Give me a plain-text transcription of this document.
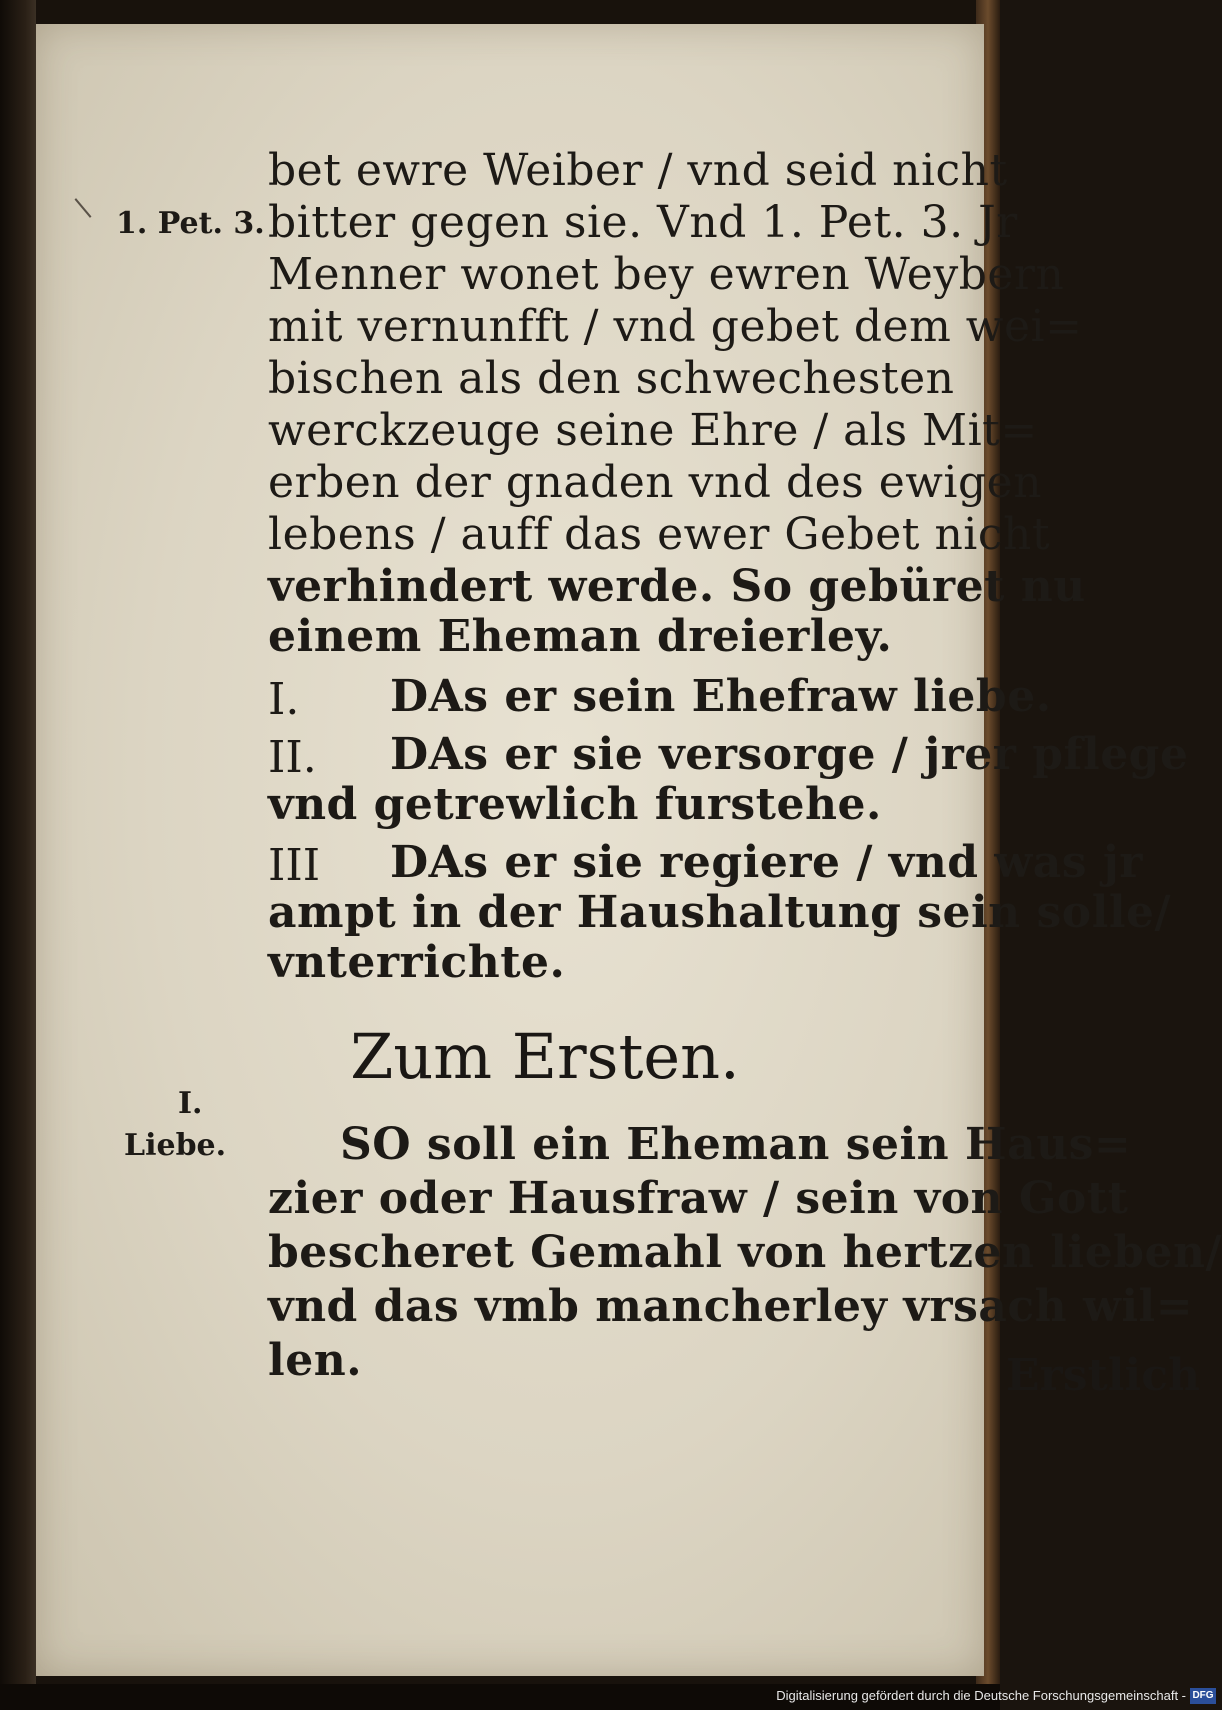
1. Pet. 3.
I.
Liebe.
bet ewre Weiber / vnd seid nicht
bitter gegen sie. Vnd 1. Pet. 3. Jr
Menner wonet bey ewren Weybern
mit vernunfft / vnd gebet dem wei=
bischen als den schwechesten
werckzeuge seine Ehre / als Mit=
erben der gnaden vnd des ewigen
lebens / auff das ewer Gebet nicht
verhindert werde. So gebüret nu
einem Eheman dreierley.
I. DAs er sein Ehefraw liebe.
II. DAs er sie versorge / jrer pflege
vnd getrewlich furstehe.
III DAs er sie regiere / vnd was jr
ampt in der Haushaltung sein solle/
vnterrichte.
Zum Ersten.
SO soll ein Eheman sein Haus=
zier oder Hausfraw / sein von Gott
bescheret Gemahl von hertzen lieben/
vnd das vmb mancherley vrsach wil=
len.	Erstlich
Digitalisierung gefördert durch die Deutsche Forschungsgemeinschaft - DFG
